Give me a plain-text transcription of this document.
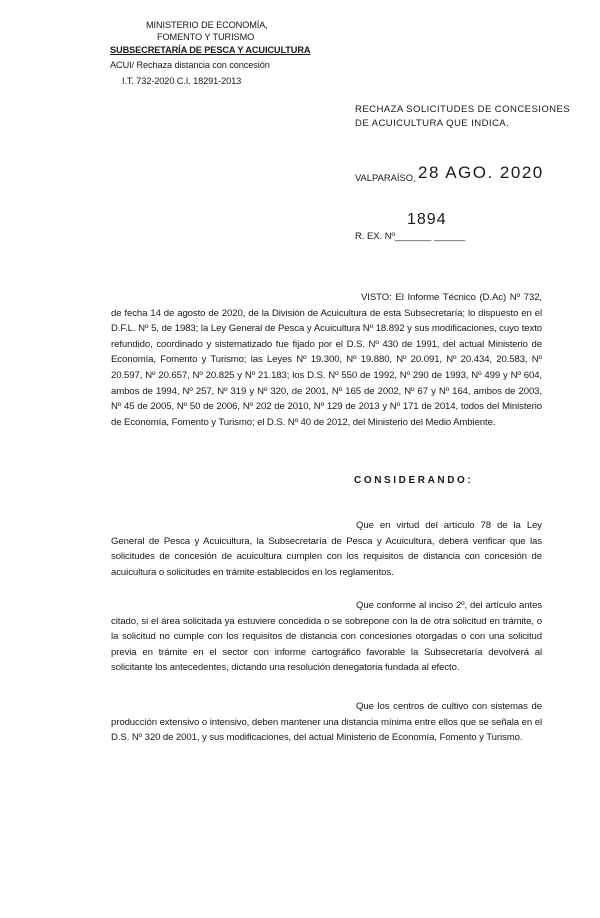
MINISTERIO DE ECONOMÍA,
FOMENTO Y TURISMO
SUBSECRETARÍA DE PESCA Y ACUICULTURA
ACUI/ Rechaza distancia con concesión
I.T. 732-2020 C.I. 18291-2013
RECHAZA SOLICITUDES DE CONCESIONES
DE ACUICULTURA QUE INDICA.
VALPARAÍSO, 28 AGO. 2020
1894
R. EX. Nº_______ ______
VISTO: El Informe Técnico (D.Ac) Nº 732, de fecha 14 de agosto de 2020, de la División de Acuicultura de esta Subsecretaría; lo dispuesto en el D.F.L. Nº 5, de 1983; la Ley General de Pesca y Acuicultura Nº 18.892 y sus modificaciones, cuyo texto refundido, coordinado y sistematizado fue fijado por el D.S. Nº 430 de 1991, del actual Ministerio de Economía, Fomento y Turismo; las Leyes Nº 19.300, Nº 19.880, Nº 20.091, Nº 20.434, 20.583, Nº 20.597, Nº 20.657, Nº 20.825 y Nº 21.183; los D.S. Nº 550 de 1992, Nº 290 de 1993, Nº 499 y Nº 604, ambos de 1994, Nº 257, Nº 319 y Nº 320, de 2001, Nº 165 de 2002, Nº 67 y Nº 164, ambos de 2003, Nº 45 de 2005, Nº 50 de 2006, Nº 202 de 2010, Nº 129 de 2013 y Nº 171 de 2014, todos del Ministerio de Economía, Fomento y Turismo; el D.S. Nº 40 de 2012, del Ministerio del Medio Ambiente.
CONSIDERANDO:
Que en virtud del artículo 78 de la Ley General de Pesca y Acuicultura, la Subsecretaría de Pesca y Acuicultura, deberá verificar que las solicitudes de concesión de acuicultura cumplen con los requisitos de distancia con concesión de acuicultura o solicitudes en trámite establecidos en los reglamentos.
Que conforme al inciso 2º, del artículo antes citado, si el área solicitada ya estuviere concedida o se sobrepone con la de otra solicitud en trámite, o la solicitud no cumple con los requisitos de distancia con concesiones otorgadas o con una solicitud previa en trámite en el sector con informe cartográfico favorable la Subsecretaría devolverá al solicitante los antecedentes, dictando una resolución denegatoria fundada al efecto.
Que los centros de cultivo con sistemas de producción extensivo o intensivo, deben mantener una distancia mínima entre ellos que se señala en el D.S. Nº 320 de 2001, y sus modificaciones, del actual Ministerio de Economía, Fomento y Turismo.
